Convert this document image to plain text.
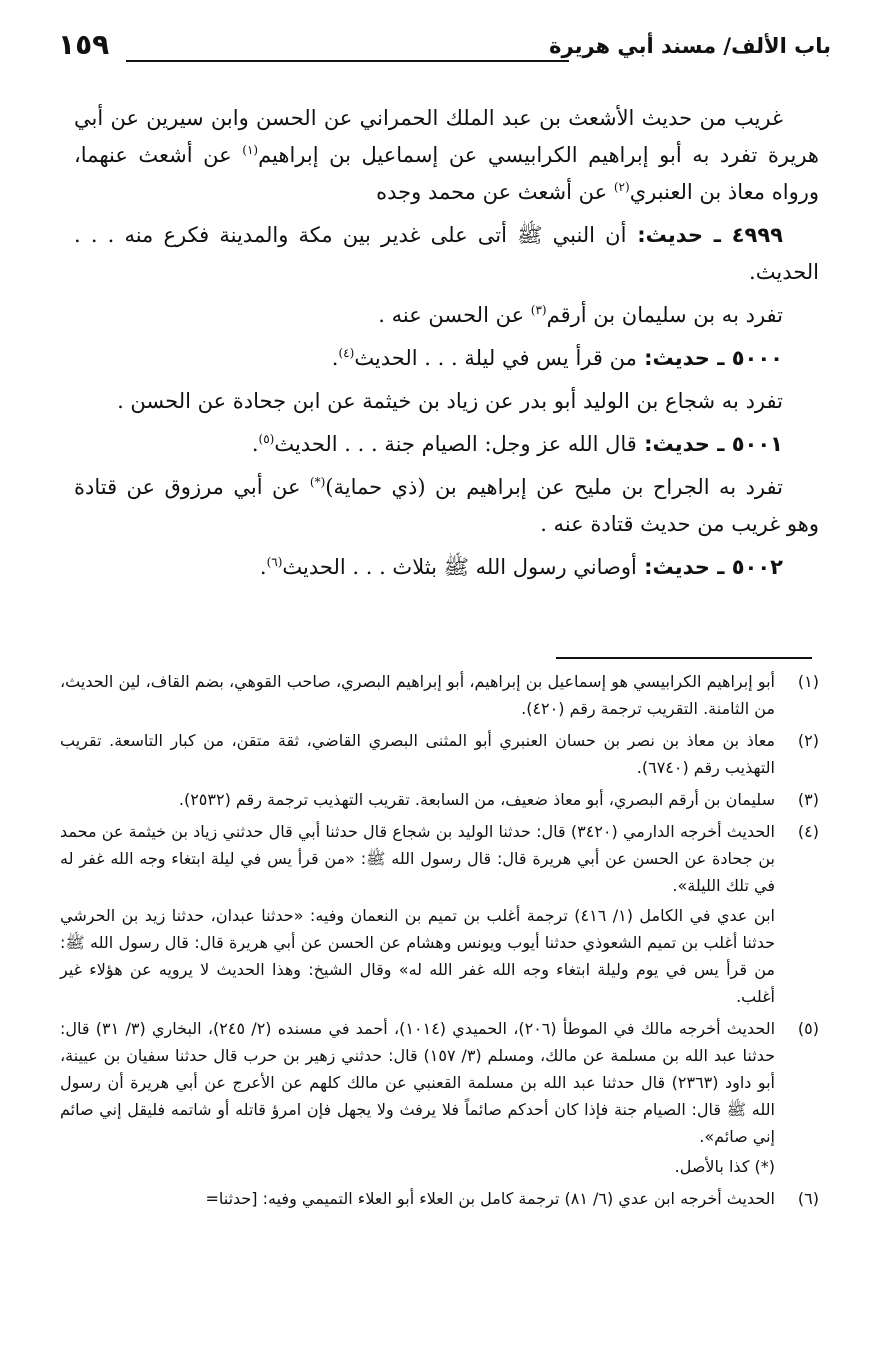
باب الألف/ مسند أبي هريرة
١٥٩

غريب من حديث الأشعث بن عبد الملك الحمراني عن الحسن وابن سيرين عن أبي هريرة تفرد به أبو إبراهيم الكرابيسي عن إسماعيل بن إبراهيم$^{(١)}$ عن أشعث عنهما، ورواه معاذ بن العنبري$^{(٢)}$ عن أشعث عن محمد وجده

٤٩٩٩ ـ حديث: أن النبي ﷺ أتى على غدير بين مكة والمدينة فكرع منه . . . الحديث.

تفرد به بن سليمان بن أرقم$^{(٣)}$ عن الحسن عنه .

٥٠٠٠ ـ حديث: من قرأ يس في ليلة . . . الحديث$^{(٤)}$.

تفرد به شجاع بن الوليد أبو بدر عن زياد بن خيثمة عن ابن جحادة عن الحسن .

٥٠٠١ ـ حديث: قال الله عز وجل: الصيام جنة . . . الحديث$^{(٥)}$.

تفرد به الجراح بن مليح عن إبراهيم بن (ذي حماية)(*) عن أبي مرزوق عن قتادة وهو غريب من حديث قتادة عنه .

٥٠٠٢ ـ حديث: أوصاني رسول الله ﷺ بثلاث . . . الحديث$^{(٦)}$.

(١)

أبو إبراهيم الكرابيسي هو إسماعيل بن إبراهيم، أبو إبراهيم البصري، صاحب القوهي، بضم القاف، لين الحديث، من الثامنة. التقريب ترجمة رقم (٤٢٠).

(٢)

معاذ بن معاذ بن نصر بن حسان العنبري أبو المثنى البصري القاضي، ثقة متقن، من كبار التاسعة. تقريب التهذيب رقم (٦٧٤٠).

(٣)

سليمان بن أرقم البصري، أبو معاذ ضعيف، من السابعة. تقريب التهذيب ترجمة رقم (٢٥٣٢).

(٤)

الحديث أخرجه الدارمي (٣٤٢٠) قال: حدثنا الوليد بن شجاع قال حدثنا أبي قال حدثني زياد بن خيثمة عن محمد بن جحادة عن الحسن عن أبي هريرة قال: قال رسول الله ﷺ: «من قرأ يس في ليلة ابتغاء وجه الله غفر له في تلك الليلة».

ابن عدي في الكامل (١/ ٤١٦) ترجمة أغلب بن تميم بن النعمان وفيه: «حدثنا عبدان، حدثنا زيد بن الحرشي حدثنا أغلب بن تميم الشعوذي حدثنا أيوب ويونس وهشام عن الحسن عن أبي هريرة قال: قال رسول الله ﷺ: من قرأ يس في يوم وليلة ابتغاء وجه الله غفر الله له» وقال الشيخ: وهذا الحديث لا يرويه عن هؤلاء غير أغلب.

(٥)

الحديث أخرجه مالك في الموطأ (٢٠٦)، الحميدي (١٠١٤)، أحمد في مسنده (٢/ ٢٤٥)، البخاري (٣/ ٣١) قال: حدثنا عبد الله بن مسلمة عن مالك، ومسلم (٣/ ١٥٧) قال: حدثني زهير بن حرب قال حدثنا سفيان بن عيينة، أبو داود (٢٣٦٣) قال حدثنا عبد الله بن مسلمة القعنبي عن مالك كلهم عن الأعرج عن أبي هريرة أن رسول الله ﷺ قال: الصيام جنة فإذا كان أحدكم صائماً فلا يرفث ولا يجهل فإن امرؤ قاتله أو شاتمه فليقل إني صائم إني صائم».

(*) كذا بالأصل.

(٦)

الحديث أخرجه ابن عدي (٦/ ٨١) ترجمة كامل بن العلاء أبو العلاء التميمي وفيه: [حدثنا=
